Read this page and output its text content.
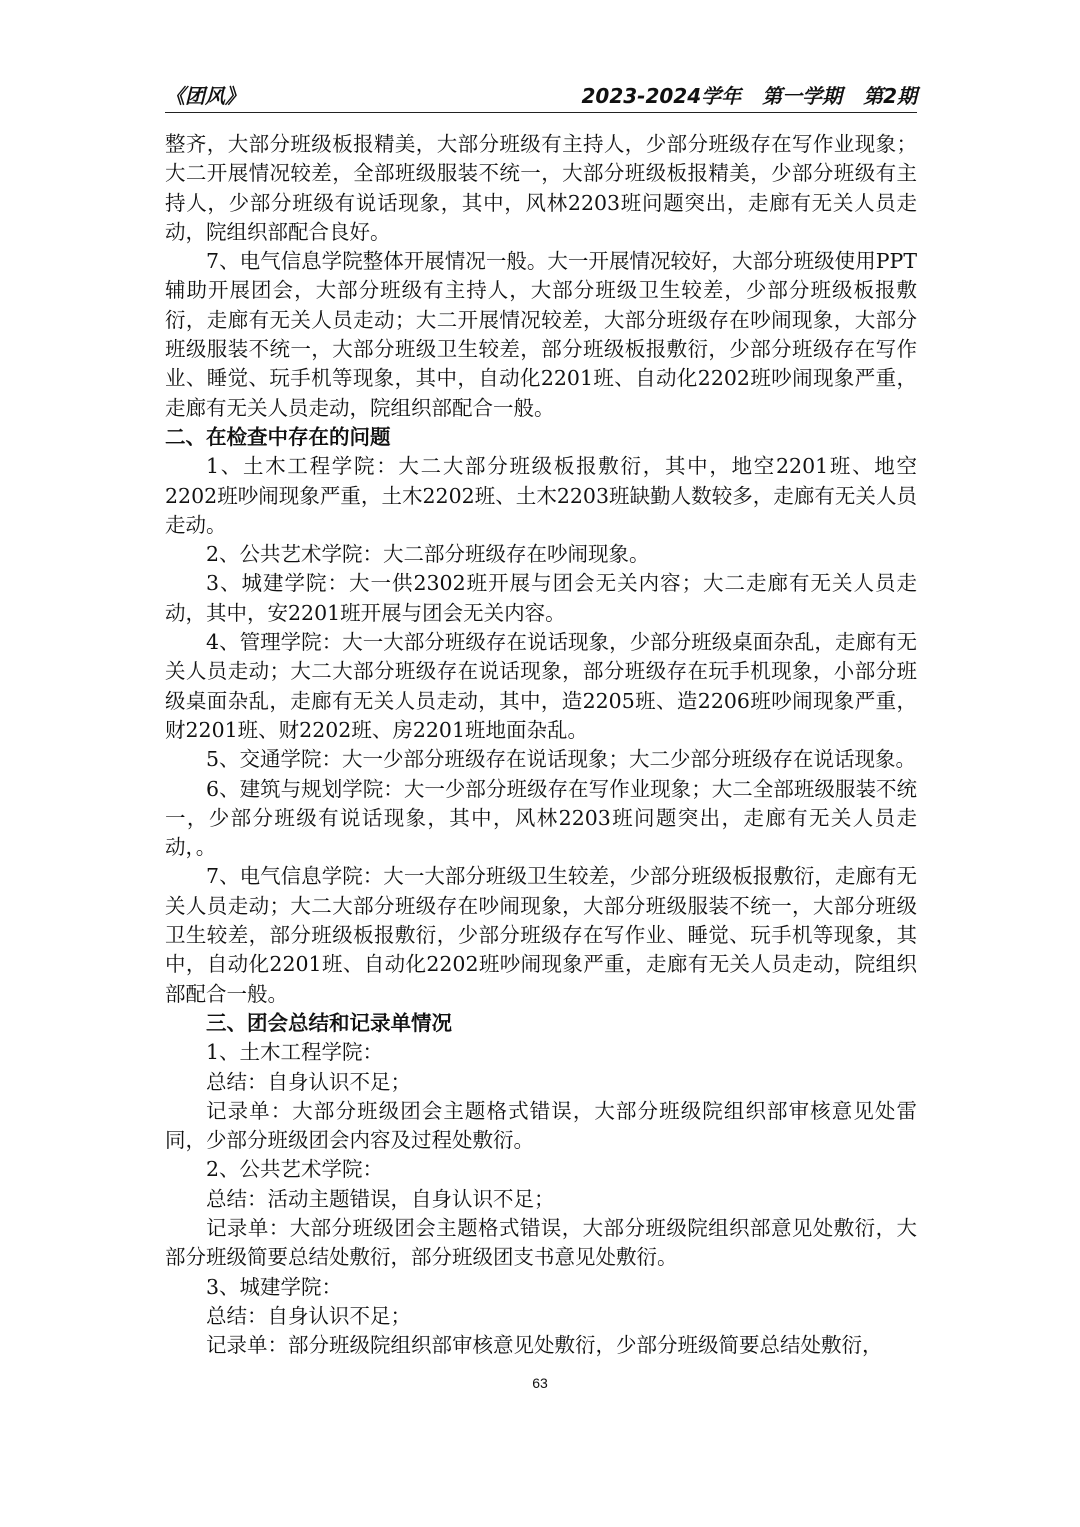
《团风》	2023-2024学年 第一学期 第2期

整齐，大部分班级板报精美，大部分班级有主持人，少部分班级存在写作业现象；大二开展情况较差，全部班级服装不统一，大部分班级板报精美，少部分班级有主持人，少部分班级有说话现象，其中，风林2203班问题突出，走廊有无关人员走动，院组织部配合良好。

7、电气信息学院整体开展情况一般。大一开展情况较好，大部分班级使用PPT辅助开展团会，大部分班级有主持人，大部分班级卫生较差，少部分班级板报敷衍，走廊有无关人员走动；大二开展情况较差，大部分班级存在吵闹现象，大部分班级服装不统一，大部分班级卫生较差，部分班级板报敷衍，少部分班级存在写作业、睡觉、玩手机等现象，其中，自动化2201班、自动化2202班吵闹现象严重，走廊有无关人员走动，院组织部配合一般。

二、在检查中存在的问题

1、土木工程学院：大二大部分班级板报敷衍，其中，地空2201班、地空2202班吵闹现象严重，土木2202班、土木2203班缺勤人数较多，走廊有无关人员走动。

2、公共艺术学院：大二部分班级存在吵闹现象。

3、城建学院：大一供2302班开展与团会无关内容；大二走廊有无关人员走动，其中，安2201班开展与团会无关内容。

4、管理学院：大一大部分班级存在说话现象，少部分班级桌面杂乱，走廊有无关人员走动；大二大部分班级存在说话现象，部分班级存在玩手机现象，小部分班级桌面杂乱，走廊有无关人员走动，其中，造2205班、造2206班吵闹现象严重，财2201班、财2202班、房2201班地面杂乱。

5、交通学院：大一少部分班级存在说话现象；大二少部分班级存在说话现象。

6、建筑与规划学院：大一少部分班级存在写作业现象；大二全部班级服装不统一，少部分班级有说话现象，其中，风林2203班问题突出，走廊有无关人员走动，。

7、电气信息学院：大一大部分班级卫生较差，少部分班级板报敷衍，走廊有无关人员走动；大二大部分班级存在吵闹现象，大部分班级服装不统一，大部分班级卫生较差，部分班级板报敷衍，少部分班级存在写作业、睡觉、玩手机等现象，其中，自动化2201班、自动化2202班吵闹现象严重，走廊有无关人员走动，院组织部配合一般。

三、团会总结和记录单情况

1、土木工程学院：

总结：自身认识不足；

记录单：大部分班级团会主题格式错误，大部分班级院组织部审核意见处雷同，少部分班级团会内容及过程处敷衍。

2、公共艺术学院：

总结：活动主题错误，自身认识不足；

记录单：大部分班级团会主题格式错误，大部分班级院组织部意见处敷衍，大部分班级简要总结处敷衍，部分班级团支书意见处敷衍。

3、城建学院：

总结：自身认识不足；

记录单：部分班级院组织部审核意见处敷衍，少部分班级简要总结处敷衍，

63
